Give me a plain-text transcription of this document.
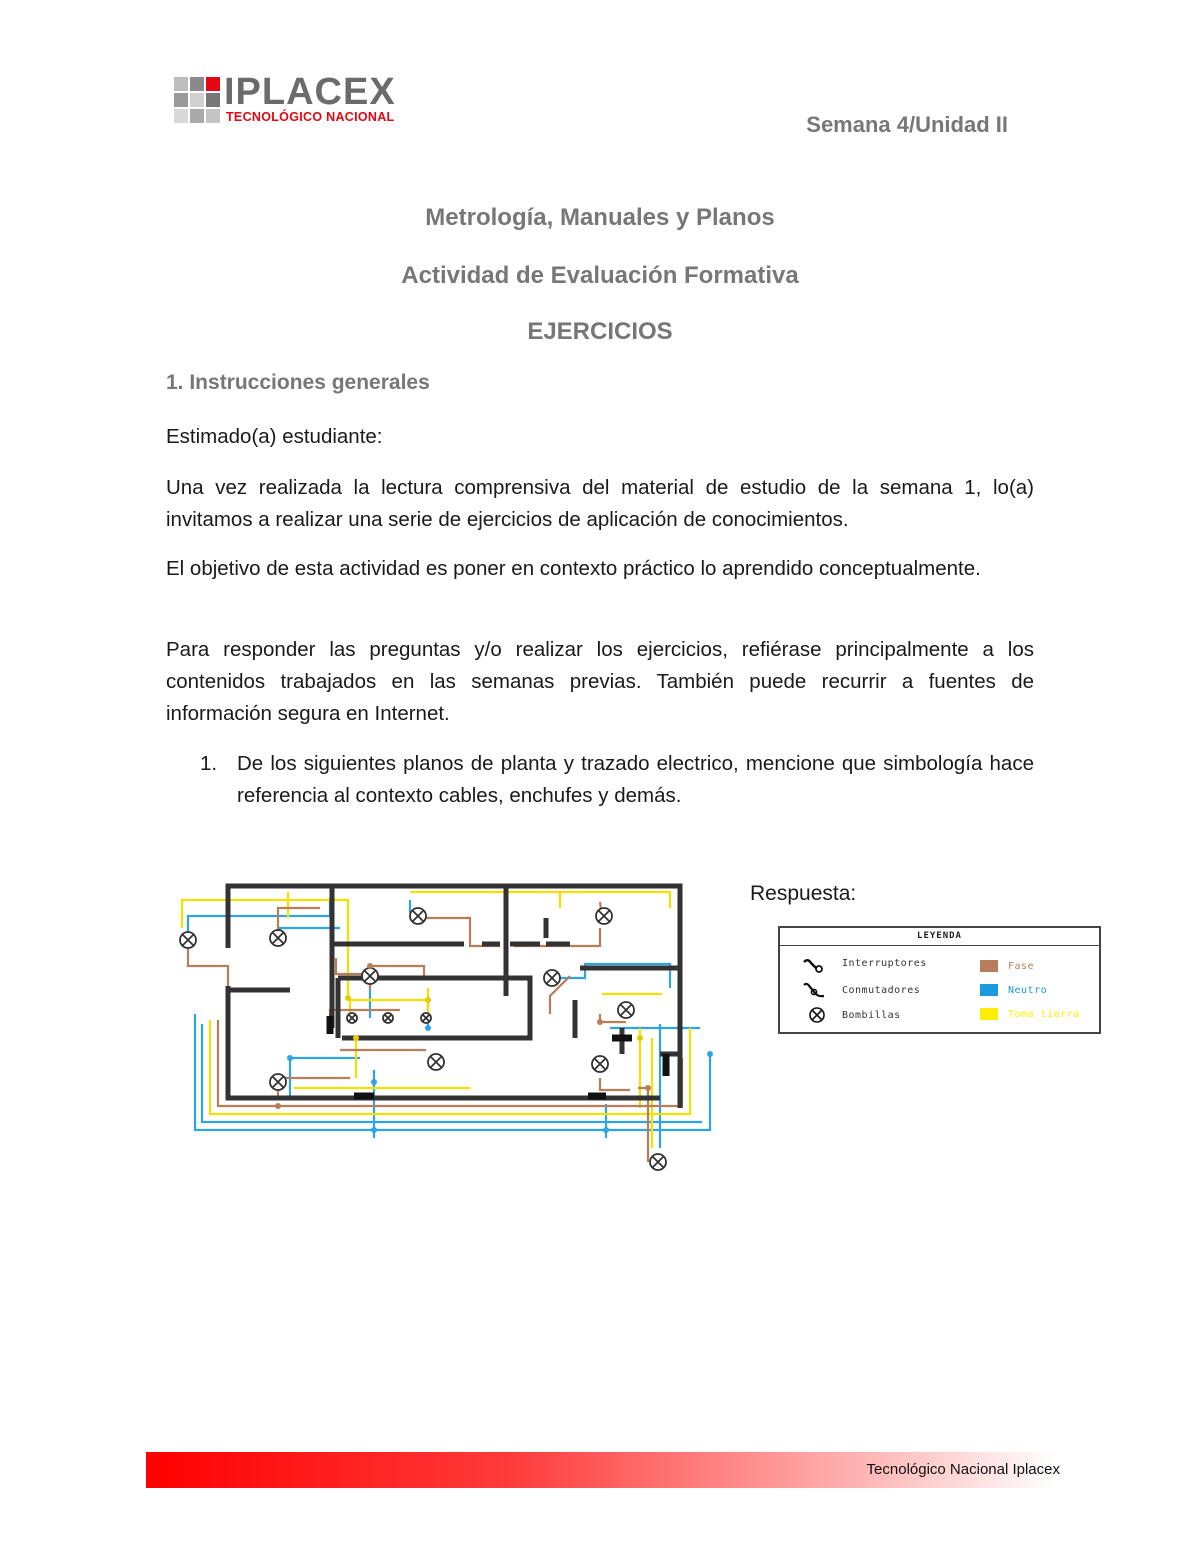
IPLACEX
TECNOLÓGICO NACIONAL	Semana 4/Unidad II
Metrología, Manuales y Planos
Actividad de Evaluación Formativa
EJERCICIOS
1. Instrucciones generales
Estimado(a) estudiante:
Una vez realizada la lectura comprensiva del material de estudio de la semana 1, lo(a) invitamos a realizar una serie de ejercicios de aplicación de conocimientos.
El objetivo de esta actividad es poner en contexto práctico lo aprendido conceptualmente.
Para responder las preguntas y/o realizar los ejercicios, refiérase principalmente a los contenidos trabajados en las semanas previas. También puede recurrir a fuentes de información segura en Internet.
1. De los siguientes planos de planta y trazado electrico, mencione que simbología hace referencia al contexto cables, enchufes y demás.
Respuesta:
LEYENDA
Interruptores
Conmutadores
Bombillas
Fase
Neutro
Toma tierra
Tecnológico Nacional Iplacex
